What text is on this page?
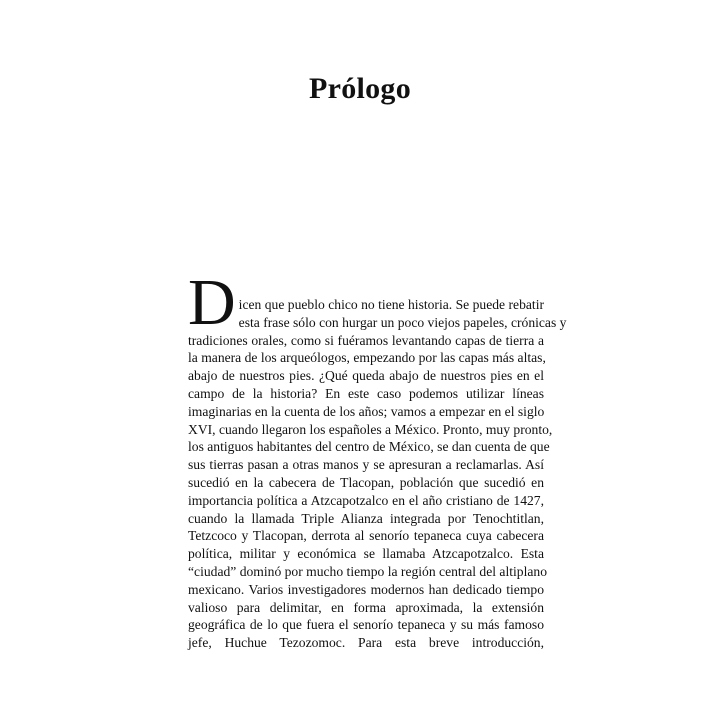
Prólogo
D icen que pueblo chico no tiene historia. Se puede rebatir
esta frase sólo con hurgar un poco viejos papeles, crónicas y
tradiciones orales, como si fuéramos levantando capas de tierra a
la manera de los arqueólogos, empezando por las capas más altas,
abajo de nuestros pies. ¿Qué queda abajo de nuestros pies en el
campo de la historia? En este caso podemos utilizar líneas
imaginarias en la cuenta de los años; vamos a empezar en el siglo
XVI, cuando llegaron los españoles a México. Pronto, muy pronto,
los antiguos habitantes del centro de México, se dan cuenta de que
sus tierras pasan a otras manos y se apresuran a reclamarlas. Así
sucedió en la cabecera de Tlacopan, población que sucedió en
importancia política a Atzcapotzalco en el año cristiano de 1427,
cuando la llamada Triple Alianza integrada por Tenochtitlan,
Tetzcoco y Tlacopan, derrota al senorío tepaneca cuya cabecera
política, militar y económica se llamaba Atzcapotzalco. Esta
“ciudad” dominó por mucho tiempo la región central del altiplano
mexicano. Varios investigadores modernos han dedicado tiempo
valioso para delimitar, en forma aproximada, la extensión
geográfica de lo que fuera el senorío tepaneca y su más famoso
jefe, Huchue Tezozomoc. Para esta breve introducción,
